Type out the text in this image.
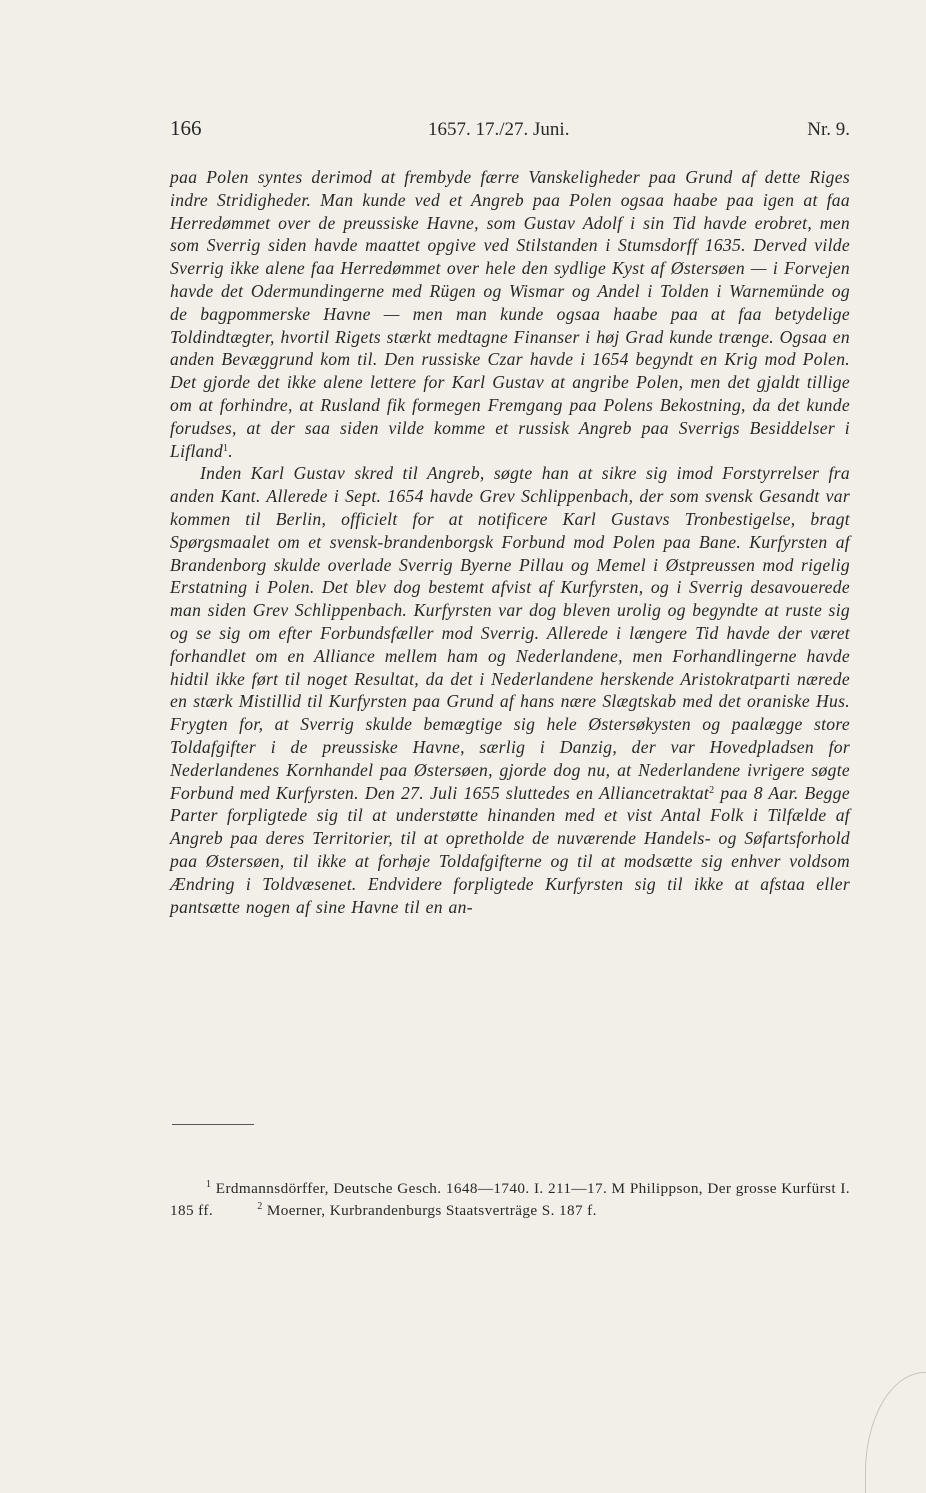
166	1657. 17./27. Juni.	Nr. 9.

paa Polen syntes derimod at frembyde færre Vanskeligheder paa Grund af dette Riges indre Stridigheder. Man kunde ved et Angreb paa Polen ogsaa haabe paa igen at faa Herredømmet over de preussiske Havne, som Gustav Adolf i sin Tid havde erobret, men som Sverrig siden havde maattet opgive ved Stilstanden i Stumsdorff 1635. Derved vilde Sverrig ikke alene faa Herredømmet over hele den sydlige Kyst af Østersøen — i Forvejen havde det Odermundingerne med Rügen og Wismar og Andel i Tolden i Warnemünde og de bagpommerske Havne — men man kunde ogsaa haabe paa at faa betydelige Toldindtægter, hvortil Rigets stærkt medtagne Finanser i høj Grad kunde trænge. Ogsaa en anden Bevæggrund kom til. Den russiske Czar havde i 1654 begyndt en Krig mod Polen. Det gjorde det ikke alene lettere for Karl Gustav at angribe Polen, men det gjaldt tillige om at forhindre, at Rusland fik formegen Fremgang paa Polens Bekostning, da det kunde forudses, at der saa siden vilde komme et russisk Angreb paa Sverrigs Besiddelser i Lifland$^1$.

Inden Karl Gustav skred til Angreb, søgte han at sikre sig imod Forstyrrelser fra anden Kant. Allerede i Sept. 1654 havde Grev Schlippenbach, der som svensk Gesandt var kommen til Berlin, officielt for at notificere Karl Gustavs Tronbestigelse, bragt Spørgsmaalet om et svensk-brandenborgsk Forbund mod Polen paa Bane. Kurfyrsten af Brandenborg skulde overlade Sverrig Byerne Pillau og Memel i Østpreussen mod rigelig Erstatning i Polen. Det blev dog bestemt afvist af Kurfyrsten, og i Sverrig desavouerede man siden Grev Schlippenbach. Kurfyrsten var dog bleven urolig og begyndte at ruste sig og se sig om efter Forbundsfæller mod Sverrig. Allerede i længere Tid havde der været forhandlet om en Alliance mellem ham og Nederlandene, men Forhandlingerne havde hidtil ikke ført til noget Resultat, da det i Nederlandene herskende Aristokratparti nærede en stærk Mistillid til Kurfyrsten paa Grund af hans nære Slægtskab med det oraniske Hus. Frygten for, at Sverrig skulde bemægtige sig hele Østersøkysten og paalægge store Toldafgifter i de preussiske Havne, særlig i Danzig, der var Hovedpladsen for Nederlandenes Kornhandel paa Østersøen, gjorde dog nu, at Nederlandene ivrigere søgte Forbund med Kurfyrsten. Den 27. Juli 1655 sluttedes en Alliancetraktat$^2$ paa 8 Aar. Begge Parter forpligtede sig til at understøtte hinanden med et vist Antal Folk i Tilfælde af Angreb paa deres Territorier, til at opretholde de nuværende Handels- og Søfartsforhold paa Østersøen, til ikke at forhøje Toldafgifterne og til at modsætte sig enhver voldsom Ændring i Toldvæsenet. Endvidere forpligtede Kurfyrsten sig til ikke at afstaa eller pantsætte nogen af sine Havne til en an-

$^1$ Erdmannsdörffer, Deutsche Gesch. 1648—1740. I. 211—17. M Philippson, Der grosse Kurfürst I. 185 ff.	$^2$ Moerner, Kurbrandenburgs Staatsverträge S. 187 f.
